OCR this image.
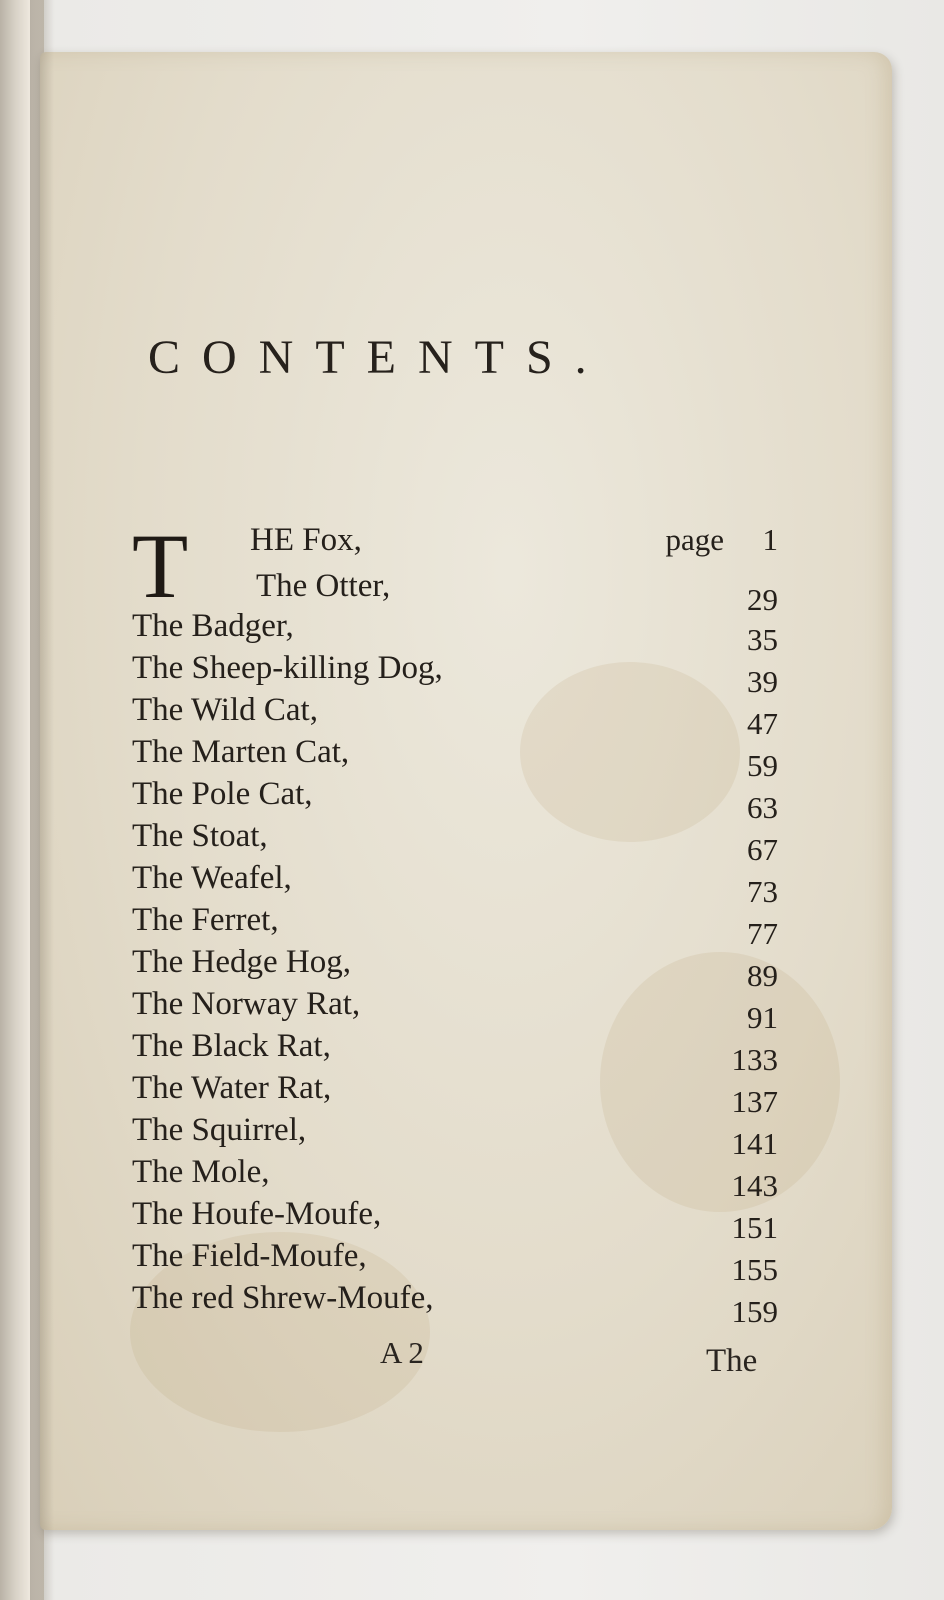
CONTENTS.
T HE Fox,	page 1
The Otter,	29
The Badger,	35
The Sheep-killing Dog,	39
The Wild Cat,	47
The Marten Cat,	59
The Pole Cat,	63
The Stoat,	67
The Weafel,	73
The Ferret,	77
The Hedge Hog,	89
The Norway Rat,	91
The Black Rat,	133
The Water Rat,	137
The Squirrel,	141
The Mole,	143
The Houfe-Moufe,	151
The Field-Moufe,	155
The red Shrew-Moufe,	159
A 2	The
